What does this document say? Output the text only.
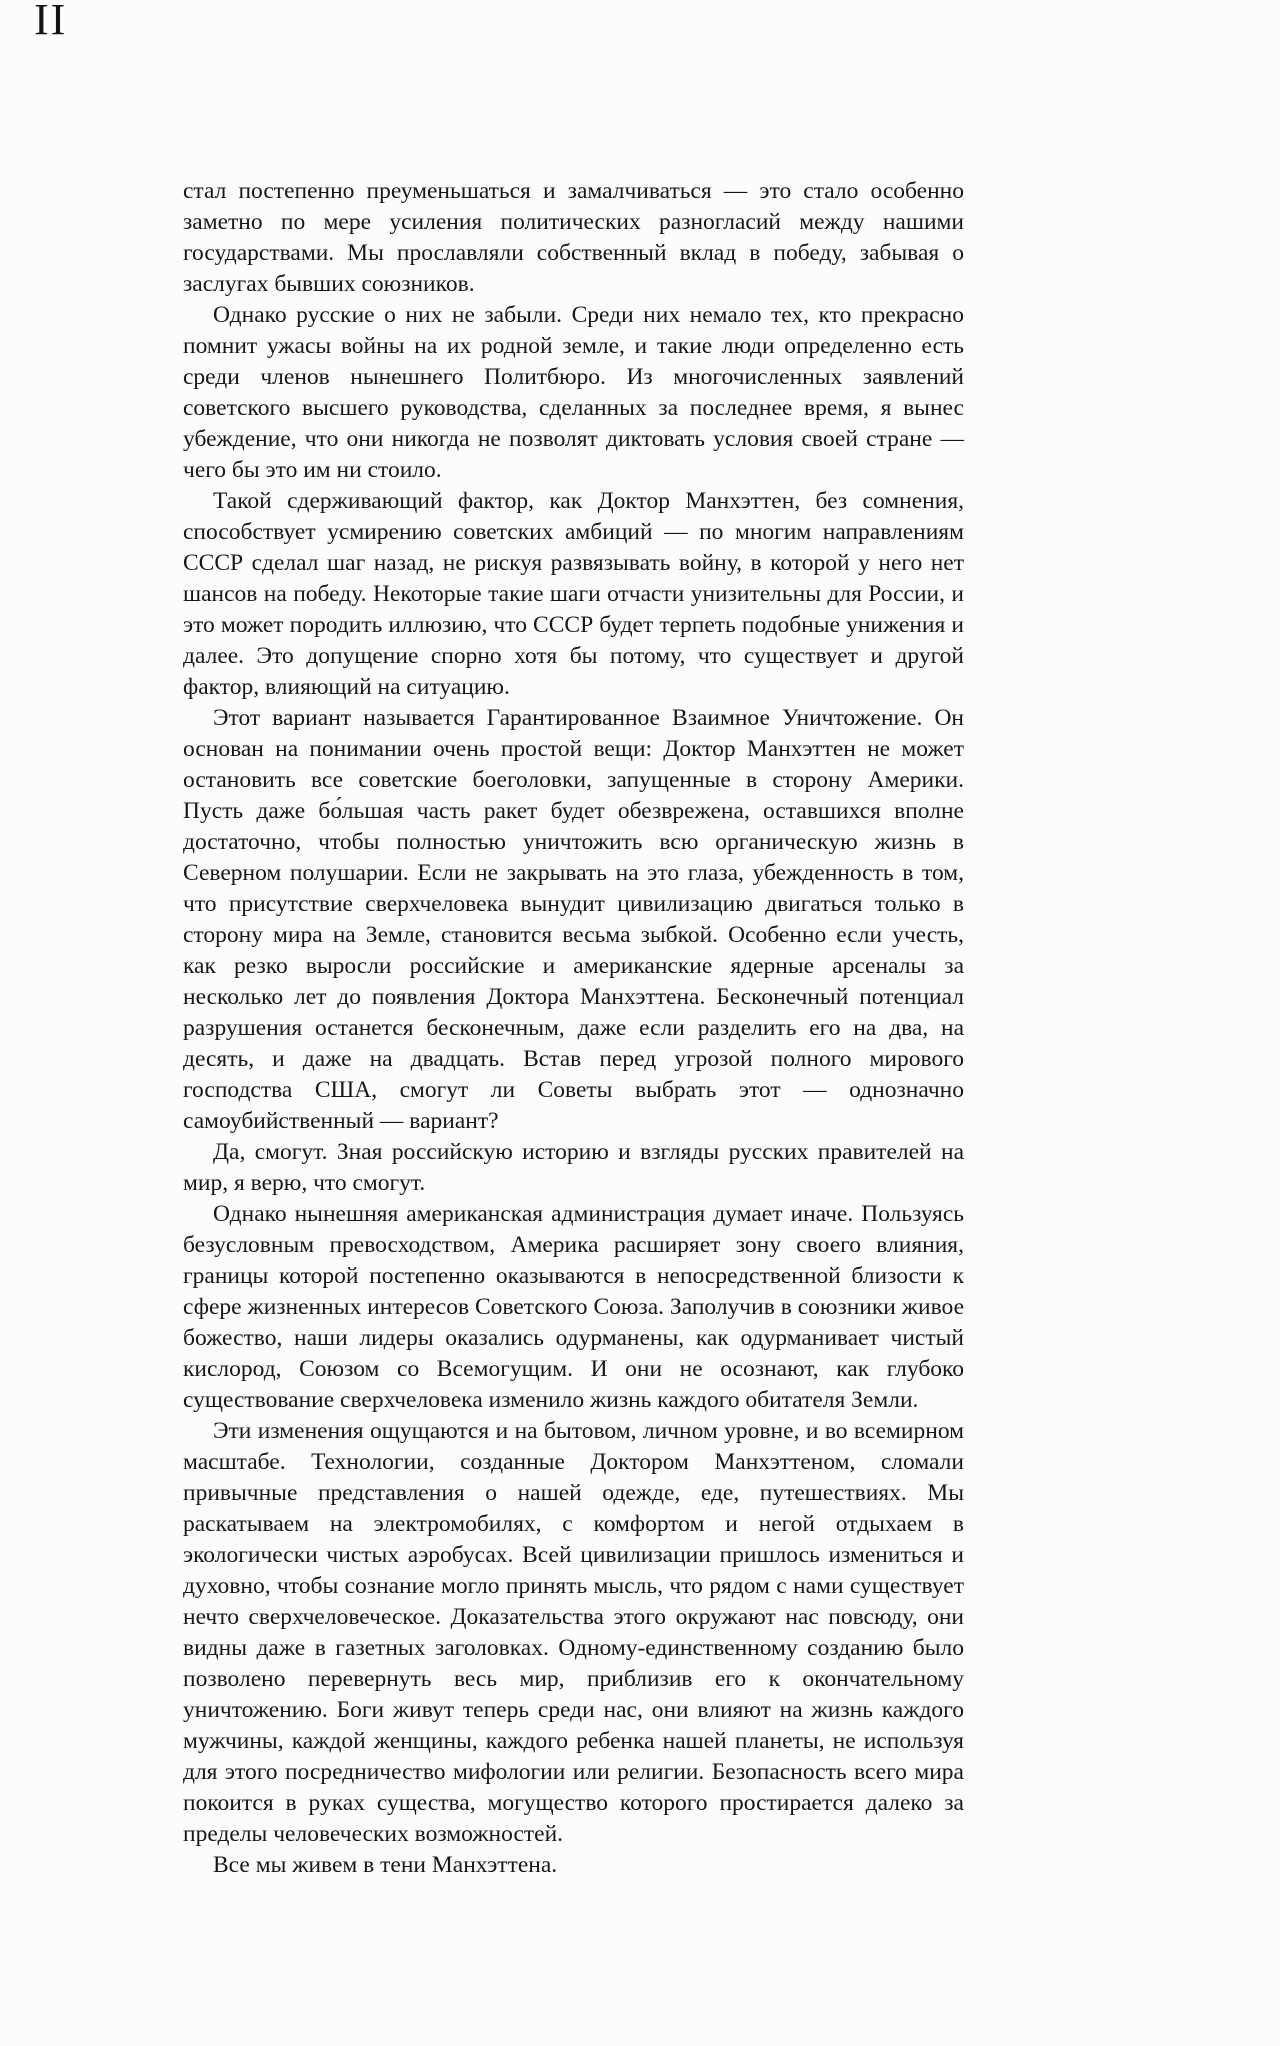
II

стал постепенно преуменьшаться и замалчиваться — это стало особенно заметно по мере усиления политических разногласий между нашими государствами. Мы прославляли собственный вклад в победу, забывая о заслугах бывших союзников.

Однако русские о них не забыли. Среди них немало тех, кто прекрасно помнит ужасы войны на их родной земле, и такие люди определенно есть среди членов нынешнего Политбюро. Из многочисленных заявлений советского высшего руководства, сделанных за последнее время, я вынес убеждение, что они никогда не позволят диктовать условия своей стране — чего бы это им ни стоило.

Такой сдерживающий фактор, как Доктор Манхэттен, без сомнения, способствует усмирению советских амбиций — по многим направлениям СССР сделал шаг назад, не рискуя развязывать войну, в которой у него нет шансов на победу. Некоторые такие шаги отчасти унизительны для России, и это может породить иллюзию, что СССР будет терпеть подобные унижения и далее. Это допущение спорно хотя бы потому, что существует и другой фактор, влияющий на ситуацию.

Этот вариант называется Гарантированное Взаимное Уничтожение. Он основан на понимании очень простой вещи: Доктор Манхэттен не может остановить все советские боеголовки, запущенные в сторону Америки. Пусть даже бо́льшая часть ракет будет обезврежена, оставшихся вполне достаточно, чтобы полностью уничтожить всю органическую жизнь в Северном полушарии. Если не закрывать на это глаза, убежденность в том, что присутствие сверхчеловека вынудит цивилизацию двигаться только в сторону мира на Земле, становится весьма зыбкой. Особенно если учесть, как резко выросли российские и американские ядерные арсеналы за несколько лет до появления Доктора Манхэттена. Бесконечный потенциал разрушения останется бесконечным, даже если разделить его на два, на десять, и даже на двадцать. Встав перед угрозой полного мирового господства США, смогут ли Советы выбрать этот — однозначно самоубийственный — вариант?

Да, смогут. Зная российскую историю и взгляды русских правителей на мир, я верю, что смогут.

Однако нынешняя американская администрация думает иначе. Пользуясь безусловным превосходством, Америка расширяет зону своего влияния, границы которой постепенно оказываются в непосредственной близости к сфере жизненных интересов Советского Союза. Заполучив в союзники живое божество, наши лидеры оказались одурманены, как одурманивает чистый кислород, Союзом со Всемогущим. И они не осознают, как глубоко существование сверхчеловека изменило жизнь каждого обитателя Земли.

Эти изменения ощущаются и на бытовом, личном уровне, и во всемирном масштабе. Технологии, созданные Доктором Манхэттеном, сломали привычные представления о нашей одежде, еде, путешествиях. Мы раскатываем на электромобилях, с комфортом и негой отдыхаем в экологически чистых аэробусах. Всей цивилизации пришлось измениться и духовно, чтобы сознание могло принять мысль, что рядом с нами существует нечто сверхчеловеческое. Доказательства этого окружают нас повсюду, они видны даже в газетных заголовках. Одному-единственному созданию было позволено перевернуть весь мир, приблизив его к окончательному уничтожению. Боги живут теперь среди нас, они влияют на жизнь каждого мужчины, каждой женщины, каждого ребенка нашей планеты, не используя для этого посредничество мифологии или религии. Безопасность всего мира покоится в руках существа, могущество которого простирается далеко за пределы человеческих возможностей.

Все мы живем в тени Манхэттена.
